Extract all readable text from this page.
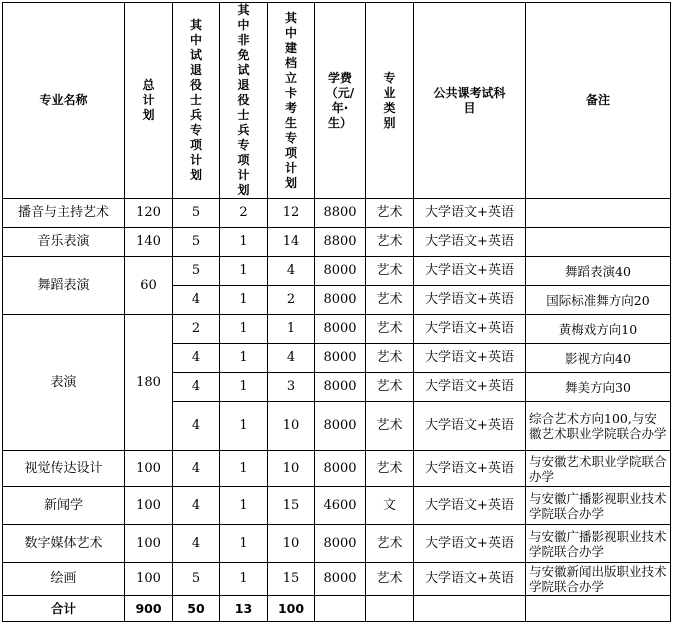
专业名称	总计划	其中试退役士兵专项计划	其中非免试退役士兵专项计划	其中建档立卡考生专项计划	学费（元/年·生）	专业类别	公共课考试科目	备注
播音与主持艺术	120	5	2	12	8800	艺术	大学语文+英语	
音乐表演	140	5	1	14	8800	艺术	大学语文+英语	
舞蹈表演	60	5	1	4	8000	艺术	大学语文+英语	舞蹈表演40
		4	1	2	8000	艺术	大学语文+英语	国际标准舞方向20
表演	180	2	1	1	8000	艺术	大学语文+英语	黄梅戏方向10
		4	1	4	8000	艺术	大学语文+英语	影视方向40
		4	1	3	8000	艺术	大学语文+英语	舞美方向30
		4	1	10	8000	艺术	大学语文+英语	综合艺术方向100,与安徽艺术职业学院联合办学
视觉传达设计	100	4	1	10	8000	艺术	大学语文+英语	与安徽艺术职业学院联合办学
新闻学	100	4	1	15	4600	文	大学语文+英语	与安徽广播影视职业技术学院联合办学
数字媒体艺术	100	4	1	10	8000	艺术	大学语文+英语	与安徽广播影视职业技术学院联合办学
绘画	100	5	1	15	8000	艺术	大学语文+英语	与安徽新闻出版职业技术学院联合办学
合计	900	50	13	100				
